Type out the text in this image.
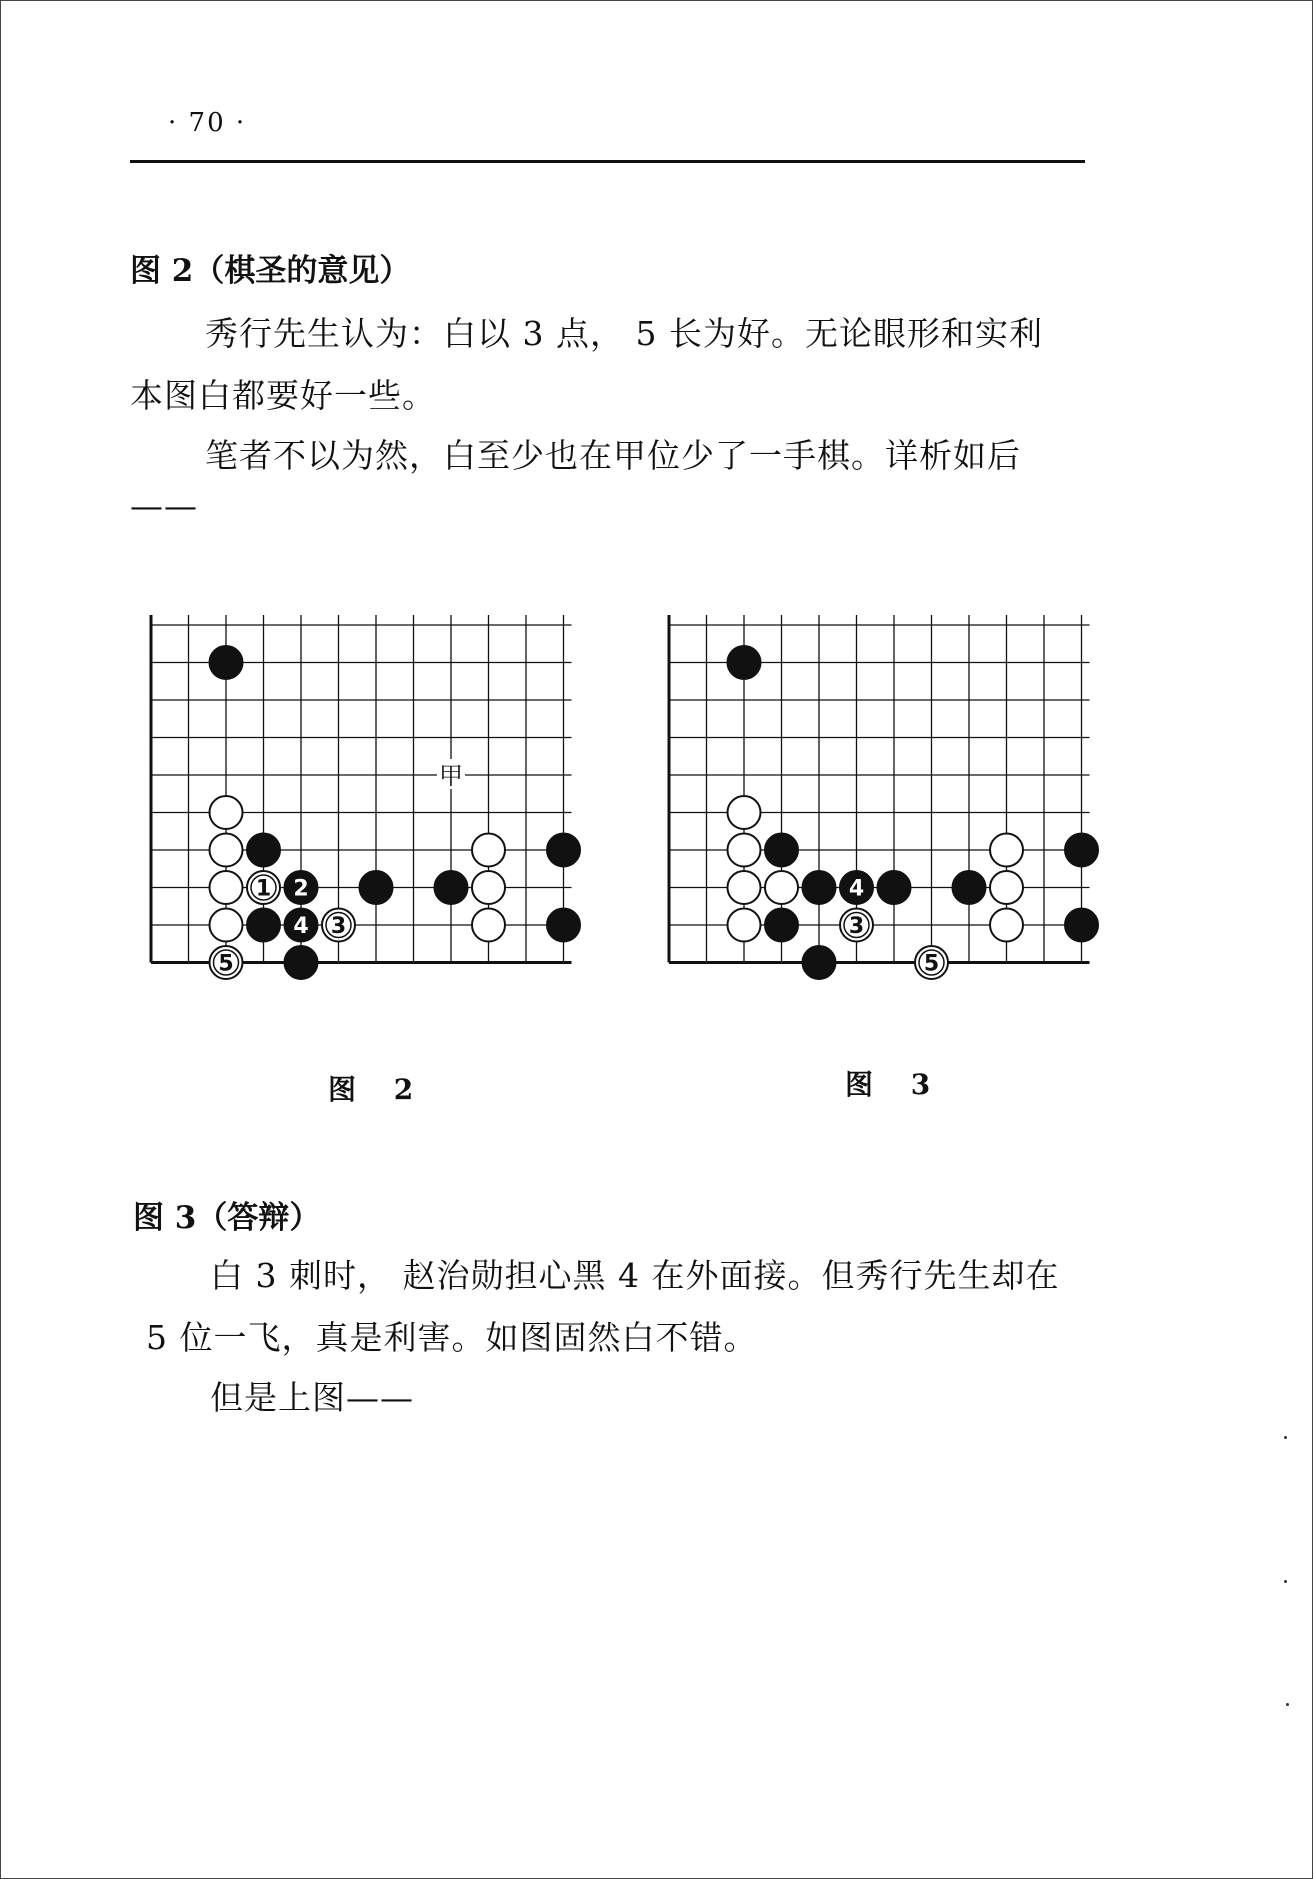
· 70 ·
图 2（棋圣的意见）
秀行先生认为：白以 3 点， 5 长为好。无论眼形和实利
本图白都要好一些。
笔者不以为然，白至少也在甲位少了一手棋。详析如后
——
1 2
4 3
5
甲
4
3
5
图 2	图 3
图 3（答辩）
白 3 刺时， 赵治勋担心黑 4 在外面接。但秀行先生却在
5 位一飞，真是利害。如图固然白不错。
但是上图——
